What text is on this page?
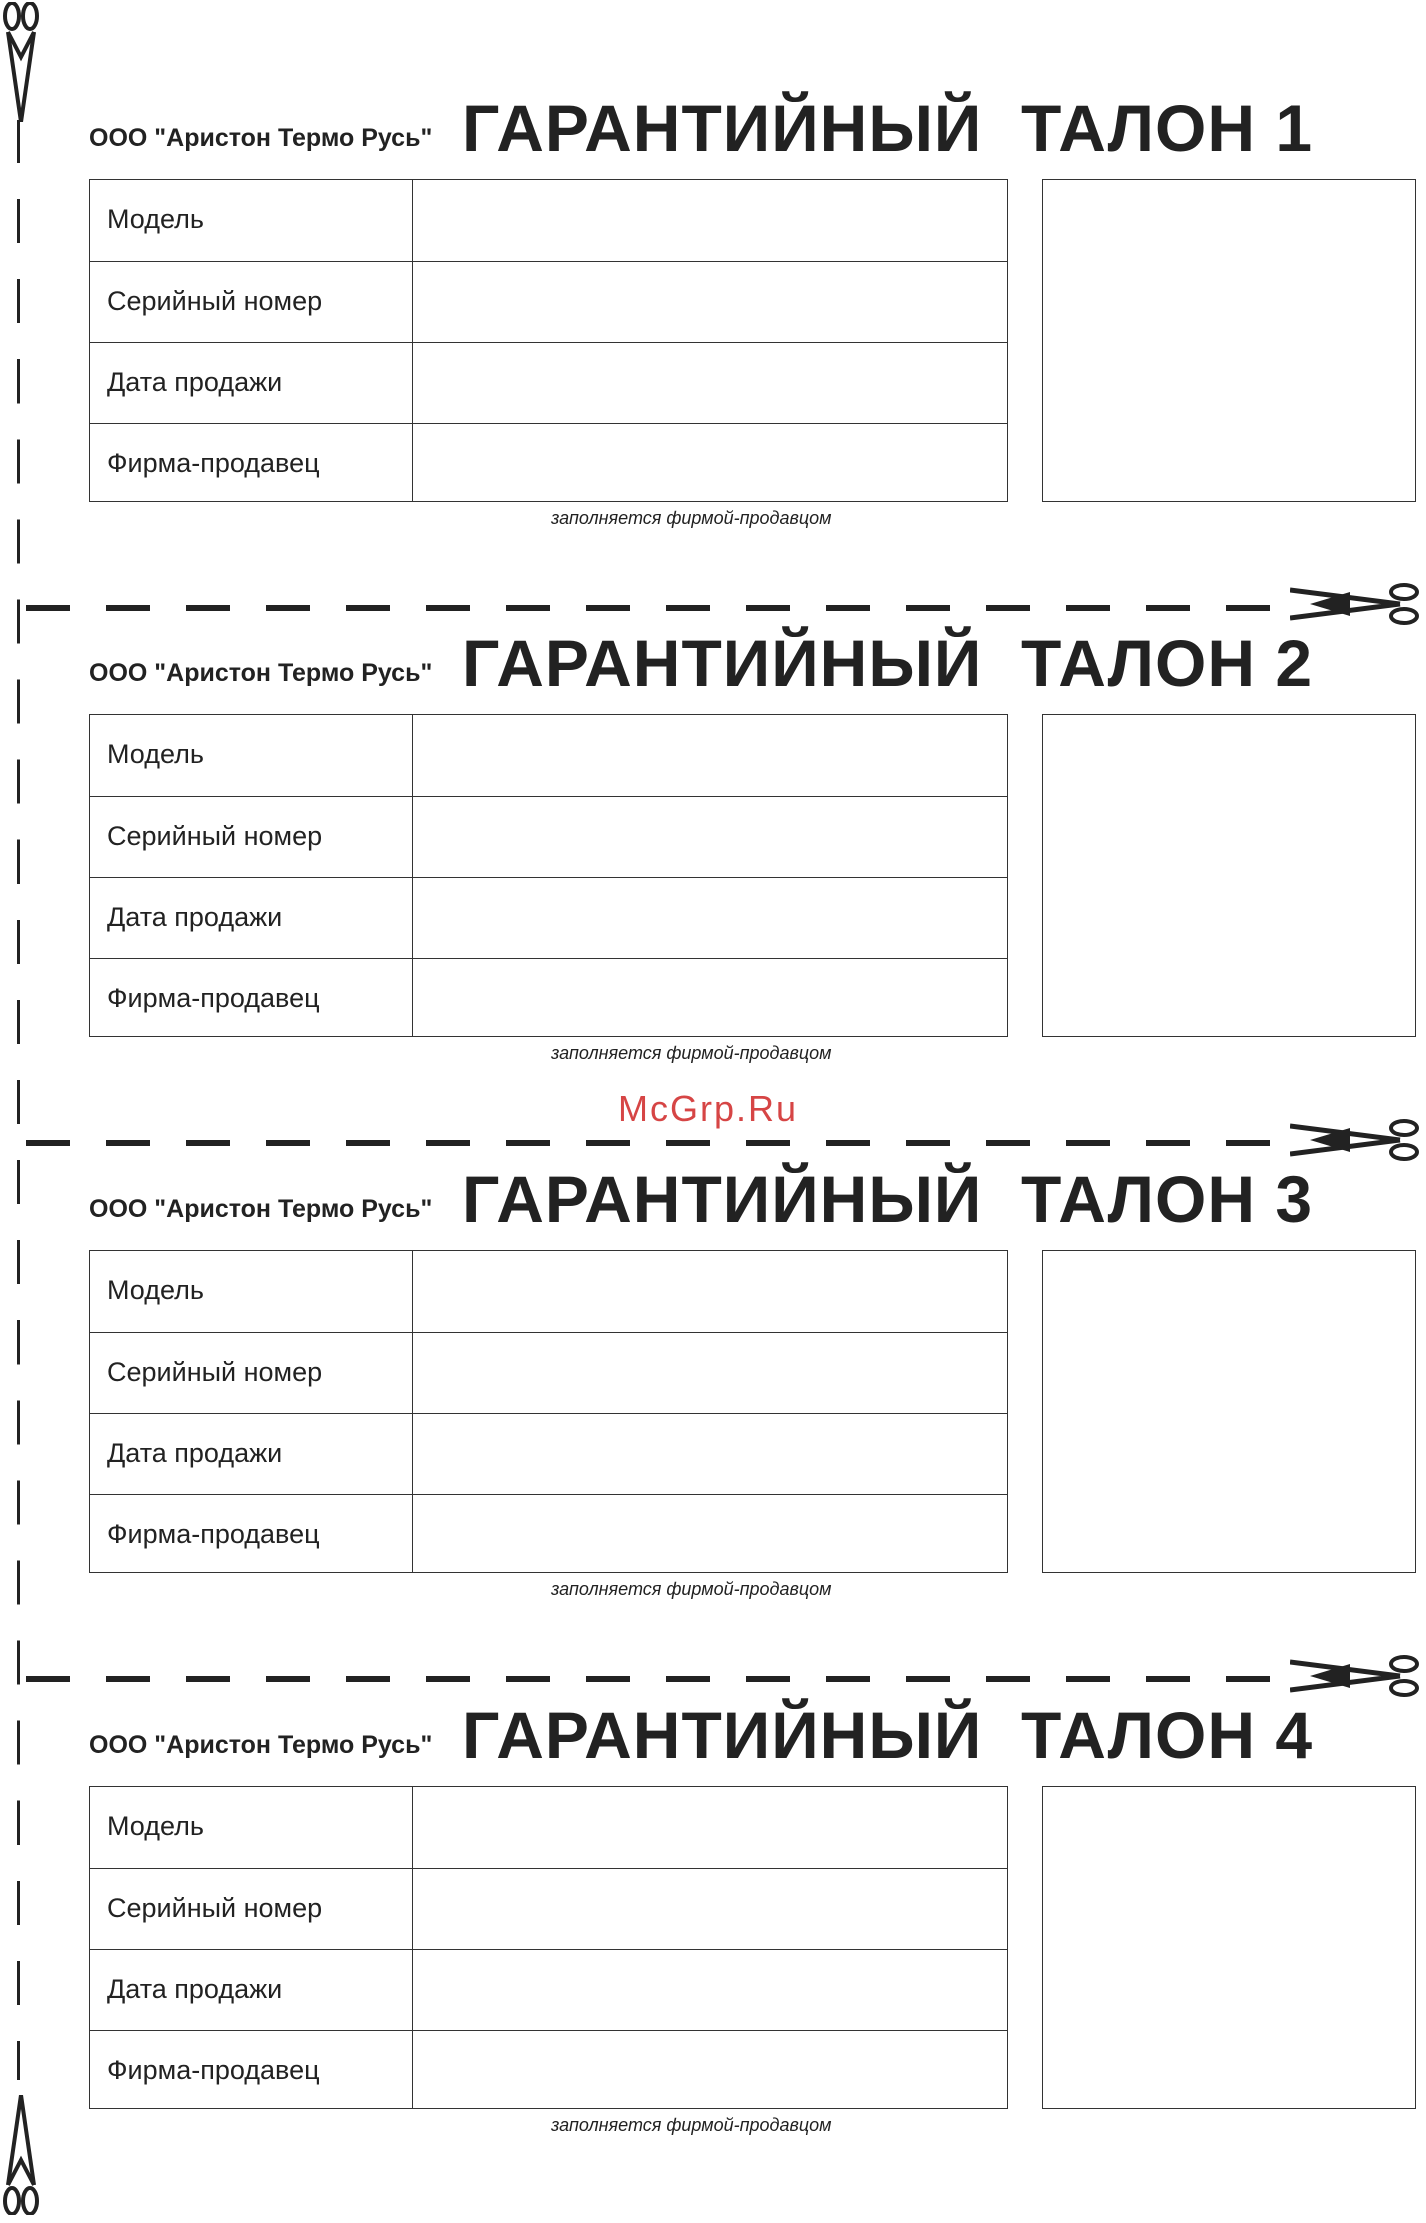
ООО "Аристон Термо Русь" ГАРАНТИЙНЫЙ  ТАЛОН 1
Модель
Серийный номер
Дата продажи
Фирма-продавец
заполняется фирмой-продавцом
ООО "Аристон Термо Русь" ГАРАНТИЙНЫЙ  ТАЛОН 2
Модель
Серийный номер
Дата продажи
Фирма-продавец
заполняется фирмой-продавцом
ООО "Аристон Термо Русь" ГАРАНТИЙНЫЙ  ТАЛОН 3
Модель
Серийный номер
Дата продажи
Фирма-продавец
заполняется фирмой-продавцом
ООО "Аристон Термо Русь" ГАРАНТИЙНЫЙ  ТАЛОН 4
Модель
Серийный номер
Дата продажи
Фирма-продавец
заполняется фирмой-продавцом
McGrp.Ru
